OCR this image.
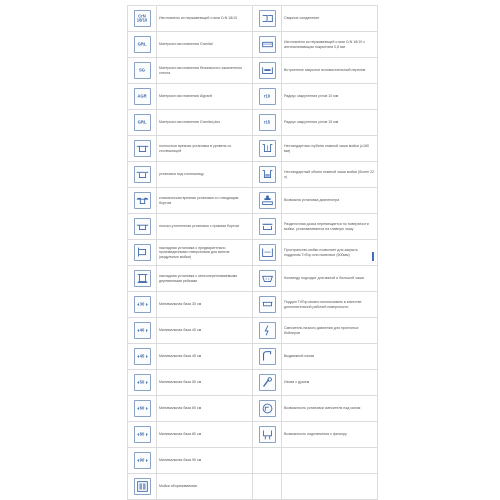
CrN 18/10	Изготовлено из нержавеющей стали CrN 18/10		Сварное соединение

GRL	Материал изготовления Granital		Изготовлено из нержавеющей стали CrN 18/10 с антиналипающим покрытием 0,8 мм

SG	Материал изготовления безопасного закаленного стекла		Встроенное закрытое вспомогательный перелив

AGR	Материал изготовления Algranit	r10	Радиус закругления углов 10 мм

GRL	Материал изготовления Granital plus	r15	Радиус закругления углов 15 мм

	полностью врезная установка в уровень со столешницей		Нестандартная глубина главной чаши мойки (≥180 мм)

	установка под столешницу		Нестандартный объем главной чаши мойки (более 22 л)

	классическая врезная установка со отводящим бортом		Возможна установка диспенсера

	плоско-утопленная установка с прямым бортом		Разделочная доска перемещается по поверхности мойки, устанавливается на главную чашу

	накладная установка с предварительно произведенными отверстиями для винтов (модульные мойки)		Пространство мойки позволяет для закрыть поддоном TriTop или помельче (500мм)

	накладная установка с многопереплаваемыми деревянными рейками		Коланедр подходит для малой и большой чаши

30	Минимальная база 30 см		Поддон TriTop можно использовать в качестве дополнительной рабочей поверхности

40	Минимальная база 40 см		Смеситель низкого давления для проточных бойлеров

45	Минимальная база 45 см		Выдвижной излив

50	Минимальная база 50 см		Излив с душем

60	Минимальная база 60 см		Возможность установки смесителя под окном

80	Минимальная база 80 см		Возможность подключения к фильтру

90	Минимальная база 90 см		

	Мойка оборачиваемая		
